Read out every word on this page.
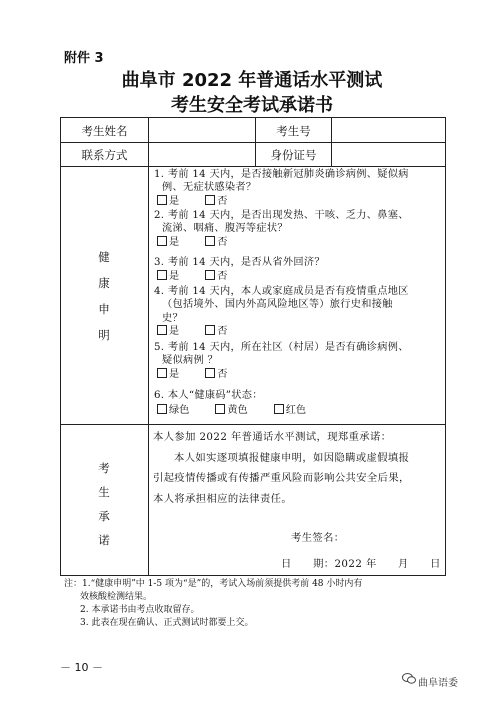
附件 3
曲阜市 2022 年普通话水平测试
考生安全考试承诺书
考生姓名	考生号
联系方式	身份证号
健
康
申
明
1. 考前 14 天内，是否接触新冠肺炎确诊病例、疑似病
例、无症状感染者？
是	否
2. 考前 14 天内，是否出现发热、干咳、乏力、鼻塞、
流涕、咽痛、腹泻等症状？
是	否
3. 考前 14 天内，是否从省外回济？
是	否
4. 考前 14 天内，本人或家庭成员是否有疫情重点地区
（包括境外、国内外高风险地区等）旅行史和接触
史？
是	否
5. 考前 14 天内，所在社区（村居）是否有确诊病例、
疑似病例 ？
是	否
6. 本人“健康码”状态：
绿色	黄色	红色
考
生
承
诺
本人参加 2022 年普通话水平测试，现郑重承诺：
本人如实逐项填报健康申明，如因隐瞒或虚假填报
引起疫情传播或有传播严重风险而影响公共安全后果，
本人将承担相应的法律责任。
考生签名：
日　　期：2022 年　　月　　日
注：1.“健康申明”中 1-5 项为“是”的，考试入场前须提供考前 48 小时内有
效核酸检测结果。
2. 本承诺书由考点收取留存。
3. 此表在现在确认、正式测试时都要上交。
－ 10 －
曲阜语委
